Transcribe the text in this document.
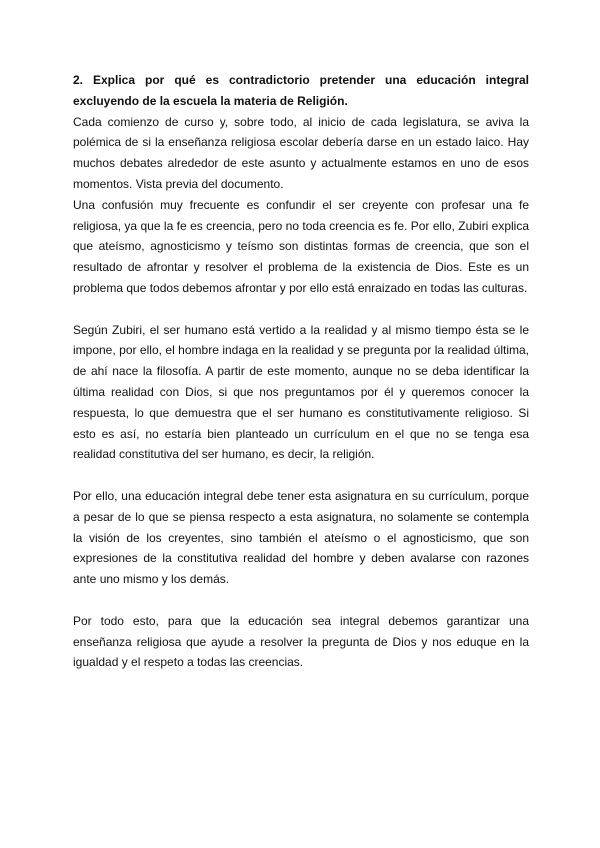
2. Explica por qué es contradictorio pretender una educación integral excluyendo de la escuela la materia de Religión.

Cada comienzo de curso y, sobre todo, al inicio de cada legislatura, se aviva la polémica de si la enseñanza religiosa escolar debería darse en un estado laico. Hay muchos debates alrededor de este asunto y actualmente estamos en uno de esos momentos. Vista previa del documento.

Una confusión muy frecuente es confundir el ser creyente con profesar una fe religiosa, ya que la fe es creencia, pero no toda creencia es fe. Por ello, Zubiri explica que ateísmo, agnosticismo y teísmo son distintas formas de creencia, que son el resultado de afrontar y resolver el problema de la existencia de Dios. Este es un problema que todos debemos afrontar y por ello está enraizado en todas las culturas.

Según Zubiri, el ser humano está vertido a la realidad y al mismo tiempo ésta se le impone, por ello, el hombre indaga en la realidad y se pregunta por la realidad última, de ahí nace la filosofía. A partir de este momento, aunque no se deba identificar la última realidad con Dios, si que nos preguntamos por él y queremos conocer la respuesta, lo que demuestra que el ser humano es constitutivamente religioso. Si esto es así, no estaría bien planteado un currículum en el que no se tenga esa realidad constitutiva del ser humano, es decir, la religión.

Por ello, una educación integral debe tener esta asignatura en su currículum, porque a pesar de lo que se piensa respecto a esta asignatura, no solamente se contempla la visión de los creyentes, sino también el ateísmo o el agnosticismo, que son expresiones de la constitutiva realidad del hombre y deben avalarse con razones ante uno mismo y los demás.

Por todo esto, para que la educación sea integral debemos garantizar una enseñanza religiosa que ayude a resolver la pregunta de Dios y nos eduque en la igualdad y el respeto a todas las creencias.
